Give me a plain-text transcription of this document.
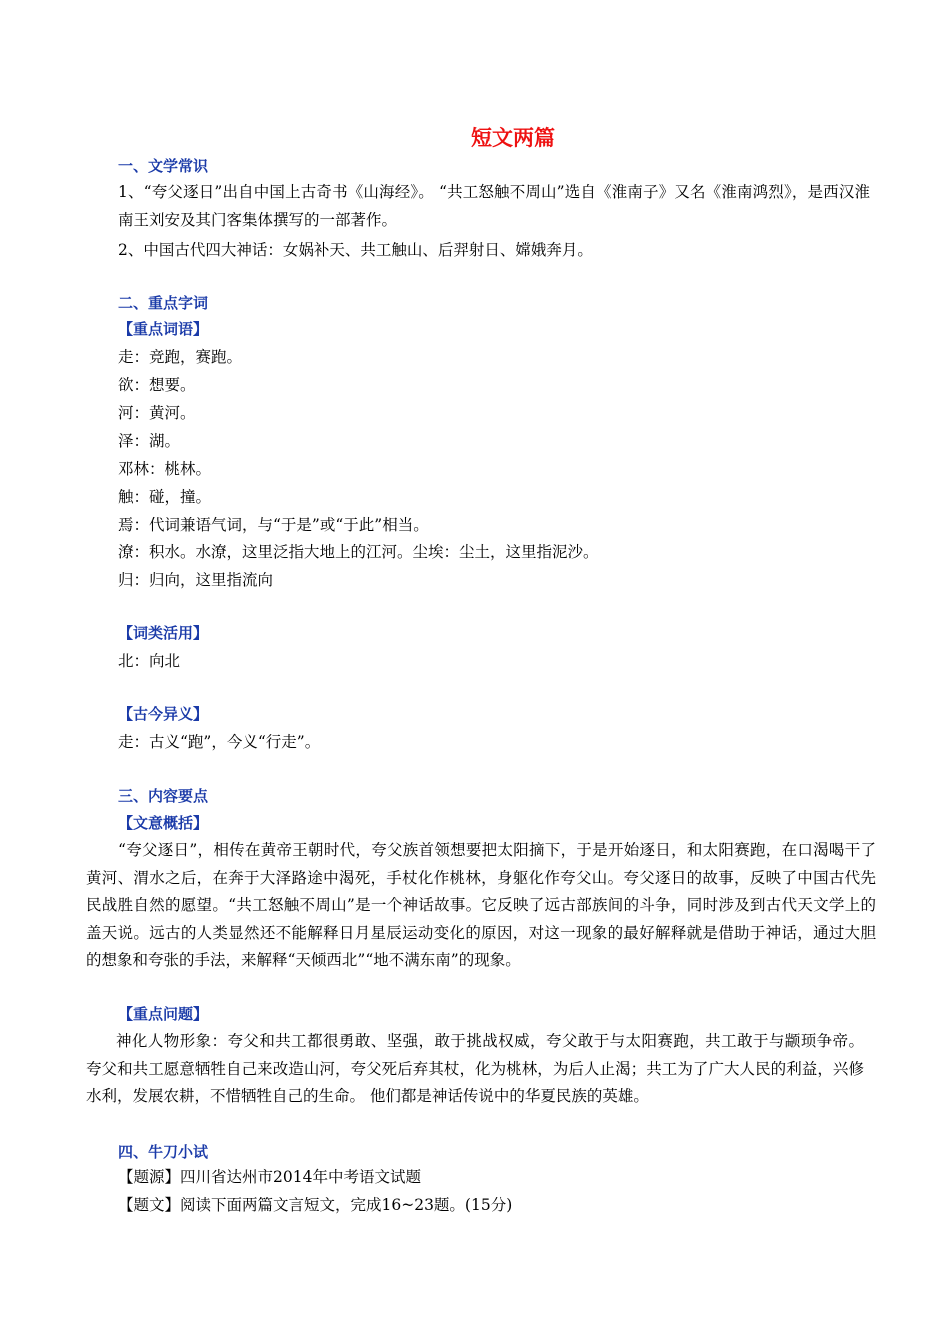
短文两篇
一、文学常识
1、“夸父逐日”出自中国上古奇书《山海经》。 “共工怒触不周山”选自《淮南子》又名《淮南鸿烈》，是西汉淮南王刘安及其门客集体撰写的一部著作。
2、中国古代四大神话：女娲补天、共工触山、后羿射日、嫦娥奔月。
二、重点字词
【重点词语】
走：竞跑，赛跑。
欲：想要。
河：黄河。
泽：湖。
邓林：桃林。
触：碰，撞。
焉：代词兼语气词，与“于是”或“于此”相当。
潦：积水。水潦，这里泛指大地上的江河。尘埃：尘土，这里指泥沙。
归：归向，这里指流向
【词类活用】
北：向北
【古今异义】
走：古义“跑”，今义“行走”。
三、内容要点
【文意概括】
“夸父逐日”，相传在黄帝王朝时代，夸父族首领想要把太阳摘下，于是开始逐日，和太阳赛跑，在口渴喝干了黄河、渭水之后，在奔于大泽路途中渴死，手杖化作桃林，身躯化作夸父山。夸父逐日的故事，反映了中国古代先民战胜自然的愿望。“共工怒触不周山”是一个神话故事。它反映了远古部族间的斗争，同时涉及到古代天文学上的盖天说。远古的人类显然还不能解释日月星辰运动变化的原因，对这一现象的最好解释就是借助于神话，通过大胆的想象和夸张的手法，来解释“天倾西北”“地不满东南”的现象。
【重点问题】
神化人物形象：夸父和共工都很勇敢、坚强，敢于挑战权威，夸父敢于与太阳赛跑，共工敢于与颛顼争帝。 夸父和共工愿意牺牲自己来改造山河，夸父死后弃其杖，化为桃林，为后人止渴；共工为了广大人民的利益，兴修水利，发展农耕，不惜牺牲自己的生命。 他们都是神话传说中的华夏民族的英雄。
四、牛刀小试
【题源】四川省达州市2014年中考语文试题
【题文】阅读下面两篇文言短文，完成16~23题。(15分)
